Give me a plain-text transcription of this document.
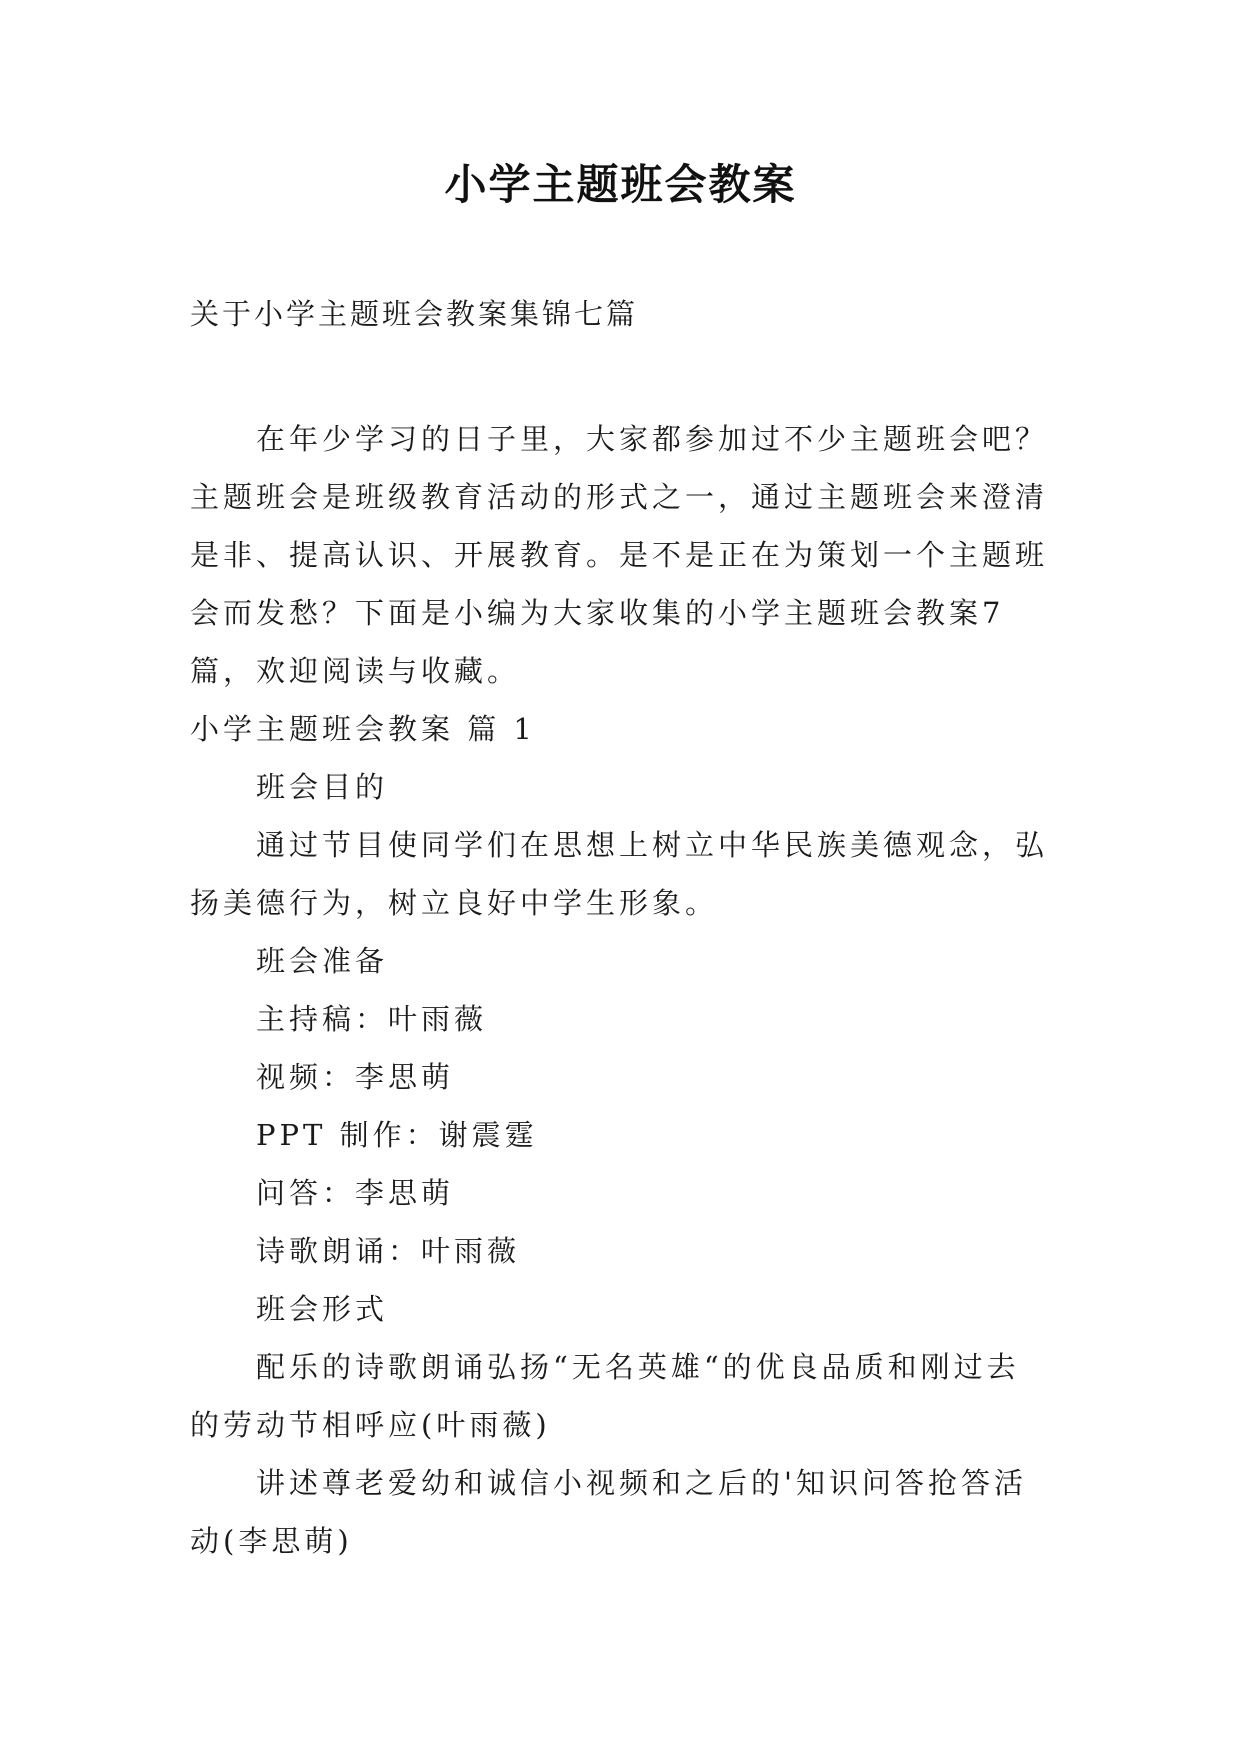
小学主题班会教案
关于小学主题班会教案集锦七篇

在年少学习的日子里，大家都参加过不少主题班会吧？主题班会是班级教育活动的形式之一，通过主题班会来澄清是非、提高认识、开展教育。是不是正在为策划一个主题班会而发愁？下面是小编为大家收集的小学主题班会教案7篇，欢迎阅读与收藏。

小学主题班会教案 篇 1

班会目的

通过节目使同学们在思想上树立中华民族美德观念，弘扬美德行为，树立良好中学生形象。

班会准备

主持稿：叶雨薇

视频：李思萌

PPT 制作：谢震霆

问答：李思萌

诗歌朗诵：叶雨薇

班会形式

配乐的诗歌朗诵弘扬“无名英雄“的优良品质和刚过去的劳动节相呼应(叶雨薇)

讲述尊老爱幼和诚信小视频和之后的'知识问答抢答活动(李思萌)
